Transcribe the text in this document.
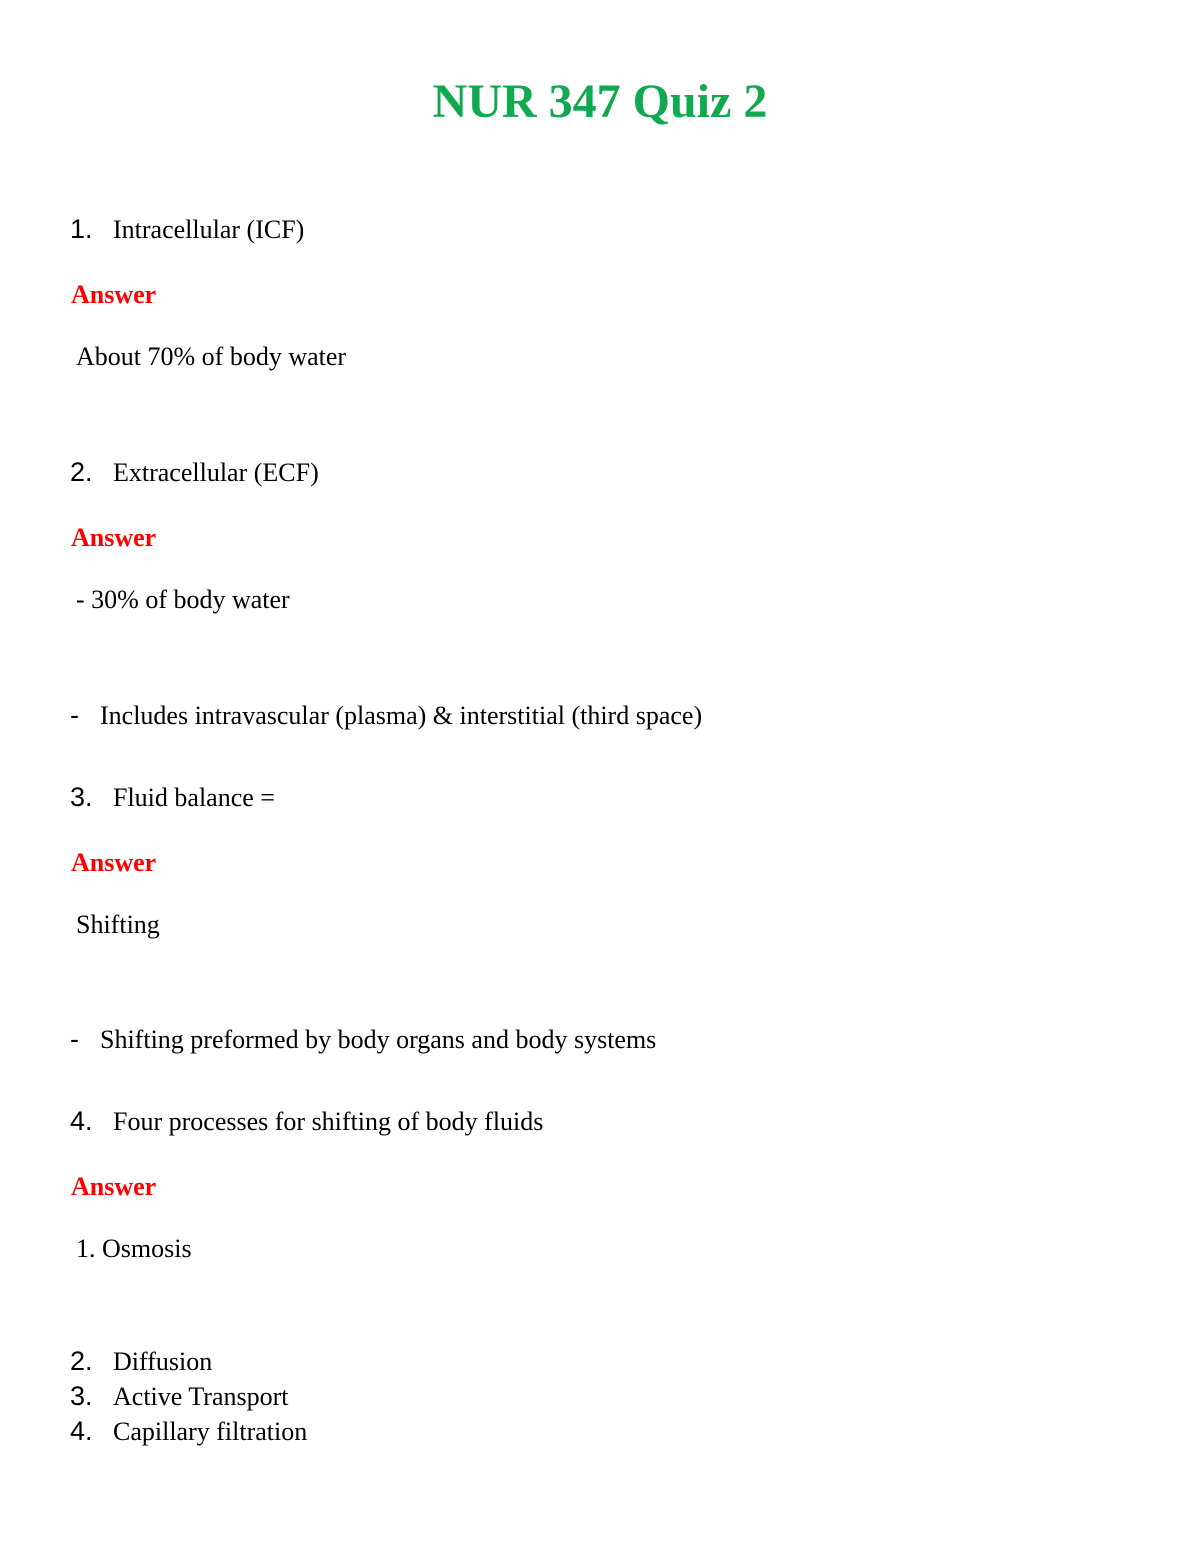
NUR 347 Quiz 2
1. Intracellular (ICF)
Answer
About 70% of body water
2. Extracellular (ECF)
Answer
- 30% of body water
- Includes intravascular (plasma) & interstitial (third space)
3. Fluid balance =
Answer
Shifting
- Shifting preformed by body organs and body systems
4. Four processes for shifting of body fluids
Answer
1. Osmosis
2. Diffusion
3. Active Transport
4. Capillary filtration
